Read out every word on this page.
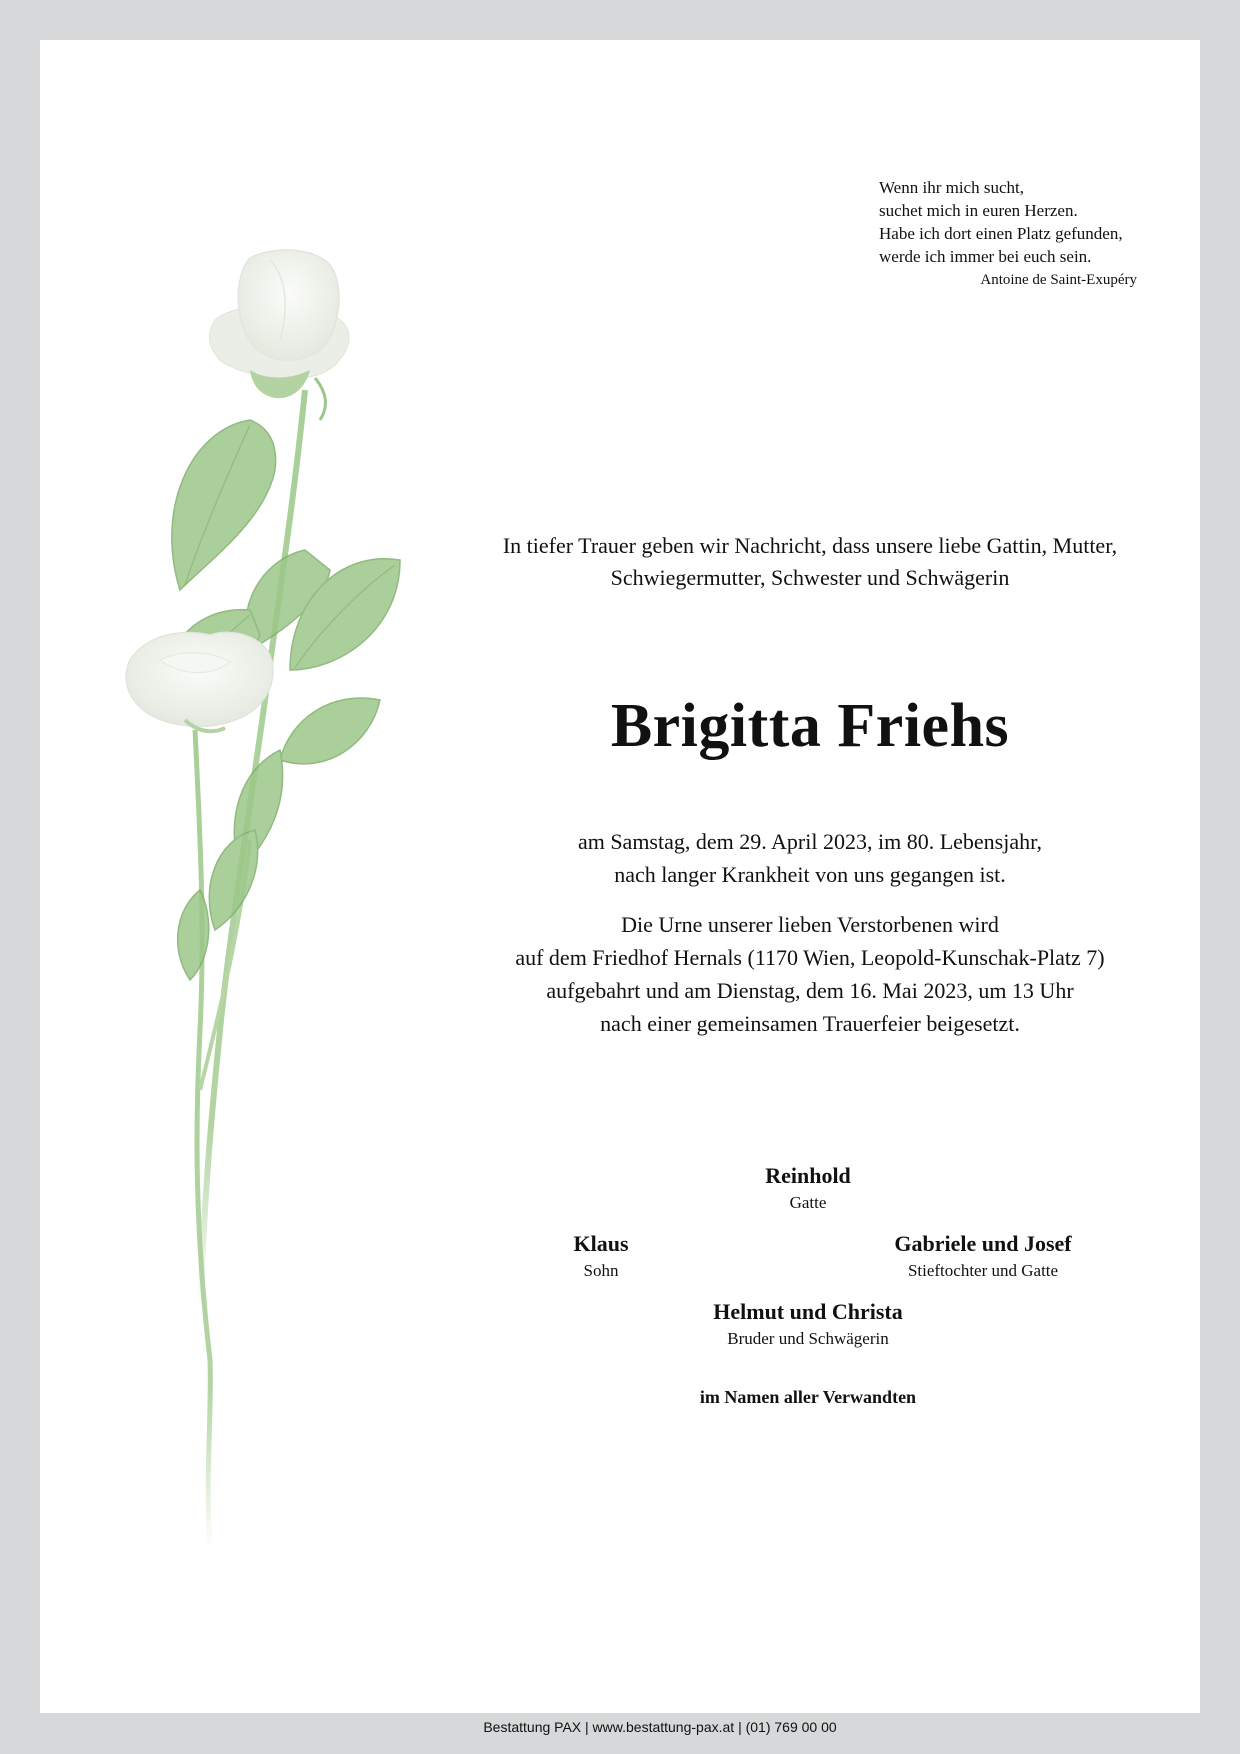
Wenn ihr mich sucht,
suchet mich in euren Herzen.
Habe ich dort einen Platz gefunden,
werde ich immer bei euch sein.
Antoine de Saint-Exupéry
In tiefer Trauer geben wir Nachricht, dass unsere liebe Gattin, Mutter,
Schwiegermutter, Schwester und Schwägerin
Brigitta Friehs
am Samstag, dem 29. April 2023, im 80. Lebensjahr,
nach langer Krankheit von uns gegangen ist.
Die Urne unserer lieben Verstorbenen wird
auf dem Friedhof Hernals (1170 Wien, Leopold-Kunschak-Platz 7)
aufgebahrt und am Dienstag, dem 16. Mai 2023, um 13 Uhr
nach einer gemeinsamen Trauerfeier beigesetzt.
Reinhold
Gatte
Klaus
Sohn
Gabriele und Josef
Stieftochter und Gatte
Helmut und Christa
Bruder und Schwägerin
im Namen aller Verwandten
Bestattung PAX | www.bestattung-pax.at | (01) 769 00 00
